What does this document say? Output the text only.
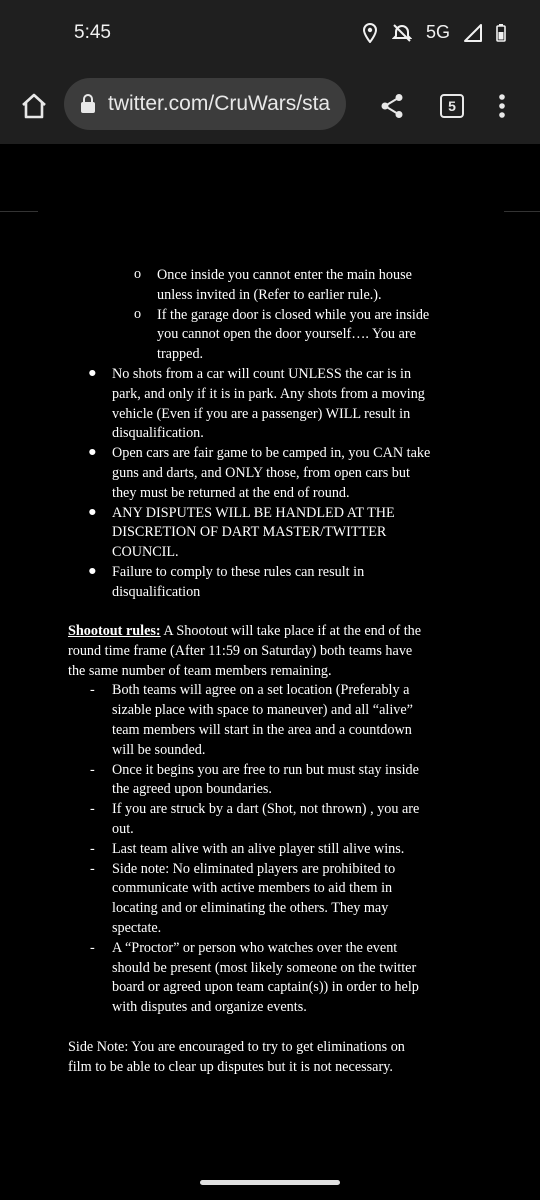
5:45	5G
twitter.com/CruWars/sta	5
o Once inside you cannot enter the main house
unless invited in (Refer to earlier rule.).
o If the garage door is closed while you are inside
you cannot open the door yourself…. You are
trapped.
● No shots from a car will count UNLESS the car is in
park, and only if it is in park. Any shots from a moving
vehicle (Even if you are a passenger) WILL result in
disqualification.
● Open cars are fair game to be camped in, you CAN take
guns and darts, and ONLY those, from open cars but
they must be returned at the end of round.
● ANY DISPUTES WILL BE HANDLED AT THE
DISCRETION OF DART MASTER/TWITTER
COUNCIL.
● Failure to comply to these rules can result in
disqualification
Shootout rules: A Shootout will take place if at the end of the
round time frame (After 11:59 on Saturday) both teams have
the same number of team members remaining.
- Both teams will agree on a set location (Preferably a
sizable place with space to maneuver) and all “alive”
team members will start in the area and a countdown
will be sounded.
- Once it begins you are free to run but must stay inside
the agreed upon boundaries.
- If you are struck by a dart (Shot, not thrown) , you are
out.
- Last team alive with an alive player still alive wins.
- Side note: No eliminated players are prohibited to
communicate with active members to aid them in
locating and or eliminating the others. They may
spectate.
- A “Proctor” or person who watches over the event
should be present (most likely someone on the twitter
board or agreed upon team captain(s)) in order to help
with disputes and organize events.
Side Note: You are encouraged to try to get eliminations on
film to be able to clear up disputes but it is not necessary.
